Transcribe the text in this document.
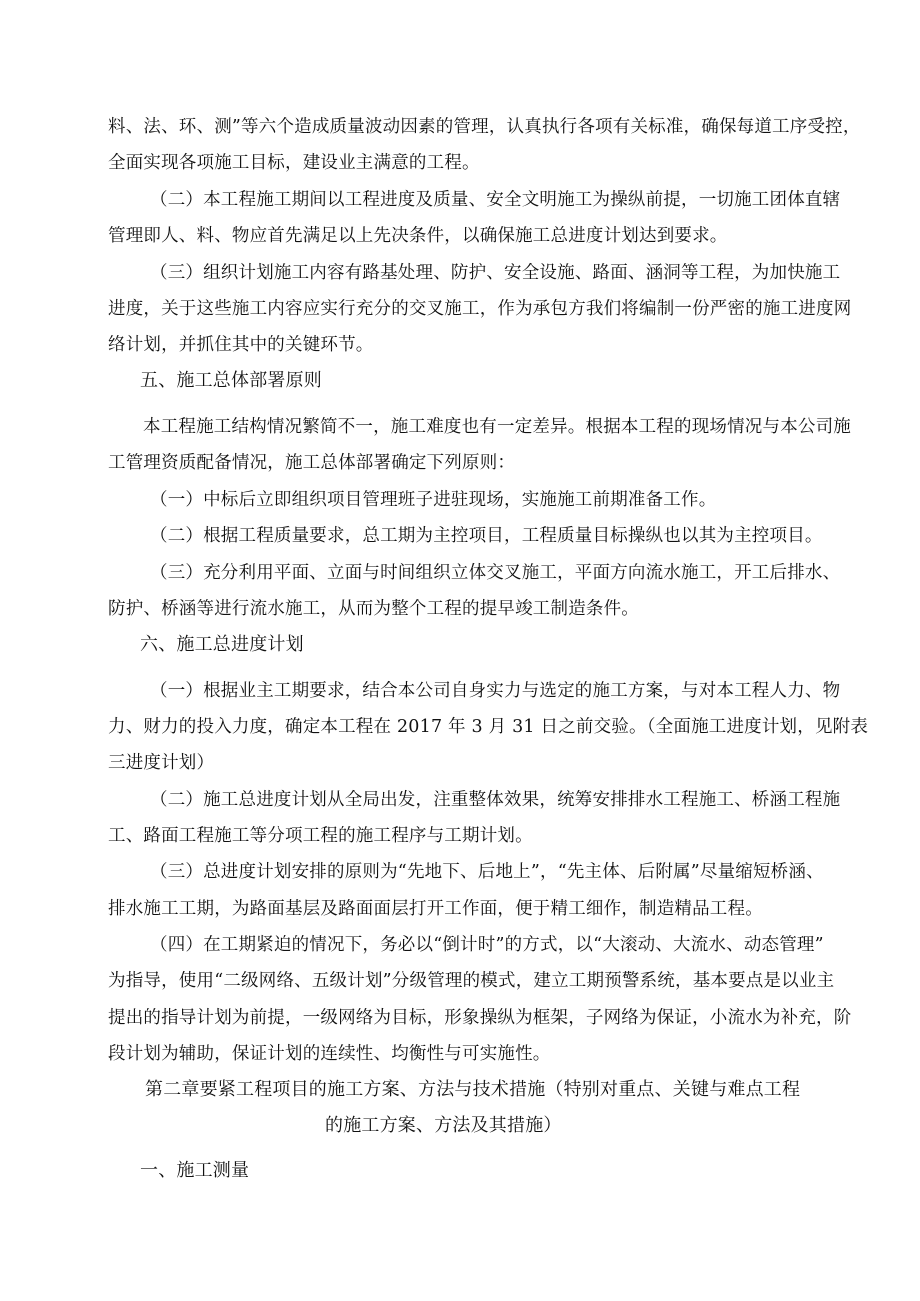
料、法、环、测”等六个造成质量波动因素的管理，认真执行各项有关标准，确保每道工序受控，
全面实现各项施工目标，建设业主满意的工程。
（二）本工程施工期间以工程进度及质量、安全文明施工为操纵前提，一切施工团体直辖
管理即人、料、物应首先满足以上先决条件，以确保施工总进度计划达到要求。
（三）组织计划施工内容有路基处理、防护、安全设施、路面、涵洞等工程，为加快施工
进度，关于这些施工内容应实行充分的交叉施工，作为承包方我们将编制一份严密的施工进度网
络计划，并抓住其中的关键环节。
五、施工总体部署原则
本工程施工结构情况繁简不一，施工难度也有一定差异。根据本工程的现场情况与本公司施
工管理资质配备情况，施工总体部署确定下列原则：
（一）中标后立即组织项目管理班子进驻现场，实施施工前期准备工作。
（二）根据工程质量要求，总工期为主控项目，工程质量目标操纵也以其为主控项目。
（三）充分利用平面、立面与时间组织立体交叉施工，平面方向流水施工，开工后排水、
防护、桥涵等进行流水施工，从而为整个工程的提早竣工制造条件。
六、施工总进度计划
（一）根据业主工期要求，结合本公司自身实力与选定的施工方案，与对本工程人力、物
力、财力的投入力度，确定本工程在 2017 年 3 月 31 日之前交验。（全面施工进度计划，见附表
三进度计划）
（二）施工总进度计划从全局出发，注重整体效果，统筹安排排水工程施工、桥涵工程施
工、路面工程施工等分项工程的施工程序与工期计划。
（三）总进度计划安排的原则为“先地下、后地上”，“先主体、后附属”尽量缩短桥涵、
排水施工工期，为路面基层及路面面层打开工作面，便于精工细作，制造精品工程。
（四）在工期紧迫的情况下，务必以“倒计时”的方式，以“大滚动、大流水、动态管理”
为指导，使用“二级网络、五级计划”分级管理的模式，建立工期预警系统，基本要点是以业主
提出的指导计划为前提，一级网络为目标，形象操纵为框架，子网络为保证，小流水为补充，阶
段计划为辅助，保证计划的连续性、均衡性与可实施性。
第二章要紧工程项目的施工方案、方法与技术措施（特别对重点、关键与难点工程
的施工方案、方法及其措施）
一、施工测量
